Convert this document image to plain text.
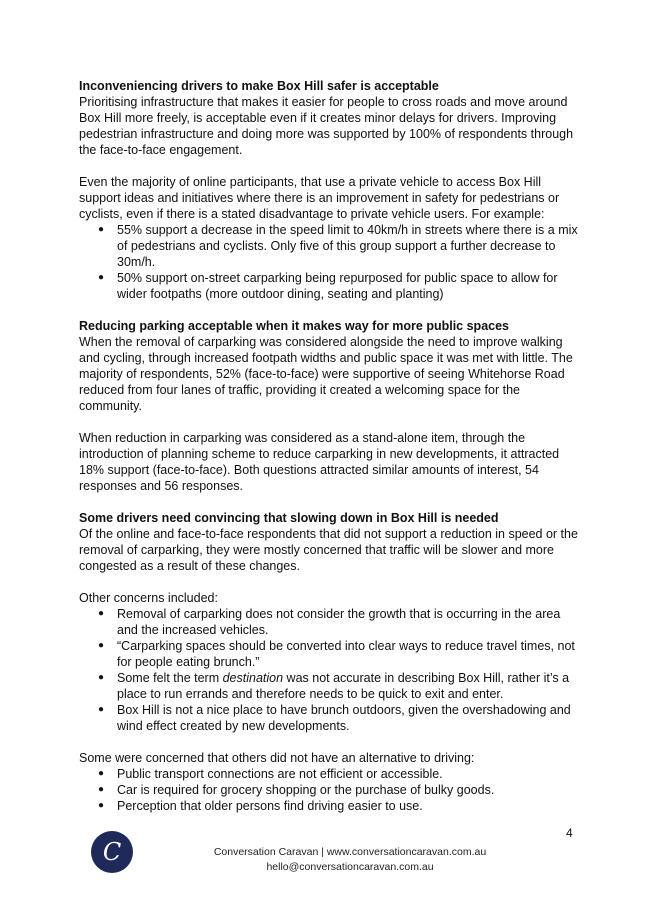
Inconveniencing drivers to make Box Hill safer is acceptable

Prioritising infrastructure that makes it easier for people to cross roads and move around Box Hill more freely, is acceptable even if it creates minor delays for drivers. Improving pedestrian infrastructure and doing more was supported by 100% of respondents through the face-to-face engagement.

Even the majority of online participants, that use a private vehicle to access Box Hill support ideas and initiatives where there is an improvement in safety for pedestrians or cyclists, even if there is a stated disadvantage to private vehicle users. For example:

● 55% support a decrease in the speed limit to 40km/h in streets where there is a mix of pedestrians and cyclists. Only five of this group support a further decrease to 30m/h.
● 50% support on-street carparking being repurposed for public space to allow for wider footpaths (more outdoor dining, seating and planting)

Reducing parking acceptable when it makes way for more public spaces

When the removal of carparking was considered alongside the need to improve walking and cycling, through increased footpath widths and public space it was met with little. The majority of respondents, 52% (face-to-face) were supportive of seeing Whitehorse Road reduced from four lanes of traffic, providing it created a welcoming space for the community.

When reduction in carparking was considered as a stand-alone item, through the introduction of planning scheme to reduce carparking in new developments, it attracted 18% support (face-to-face). Both questions attracted similar amounts of interest, 54 responses and 56 responses.

Some drivers need convincing that slowing down in Box Hill is needed

Of the online and face-to-face respondents that did not support a reduction in speed or the removal of carparking, they were mostly concerned that traffic will be slower and more congested as a result of these changes.

Other concerns included:

● Removal of carparking does not consider the growth that is occurring in the area and the increased vehicles.
● “Carparking spaces should be converted into clear ways to reduce travel times, not for people eating brunch.”
● Some felt the term destination was not accurate in describing Box Hill, rather it’s a place to run errands and therefore needs to be quick to exit and enter.
● Box Hill is not a nice place to have brunch outdoors, given the overshadowing and wind effect created by new developments.

Some were concerned that others did not have an alternative to driving:

● Public transport connections are not efficient or accessible.
● Car is required for grocery shopping or the purchase of bulky goods.
● Perception that older persons find driving easier to use.
4
C	Conversation Caravan | www.conversationcaravan.com.au
hello@conversationcaravan.com.au
